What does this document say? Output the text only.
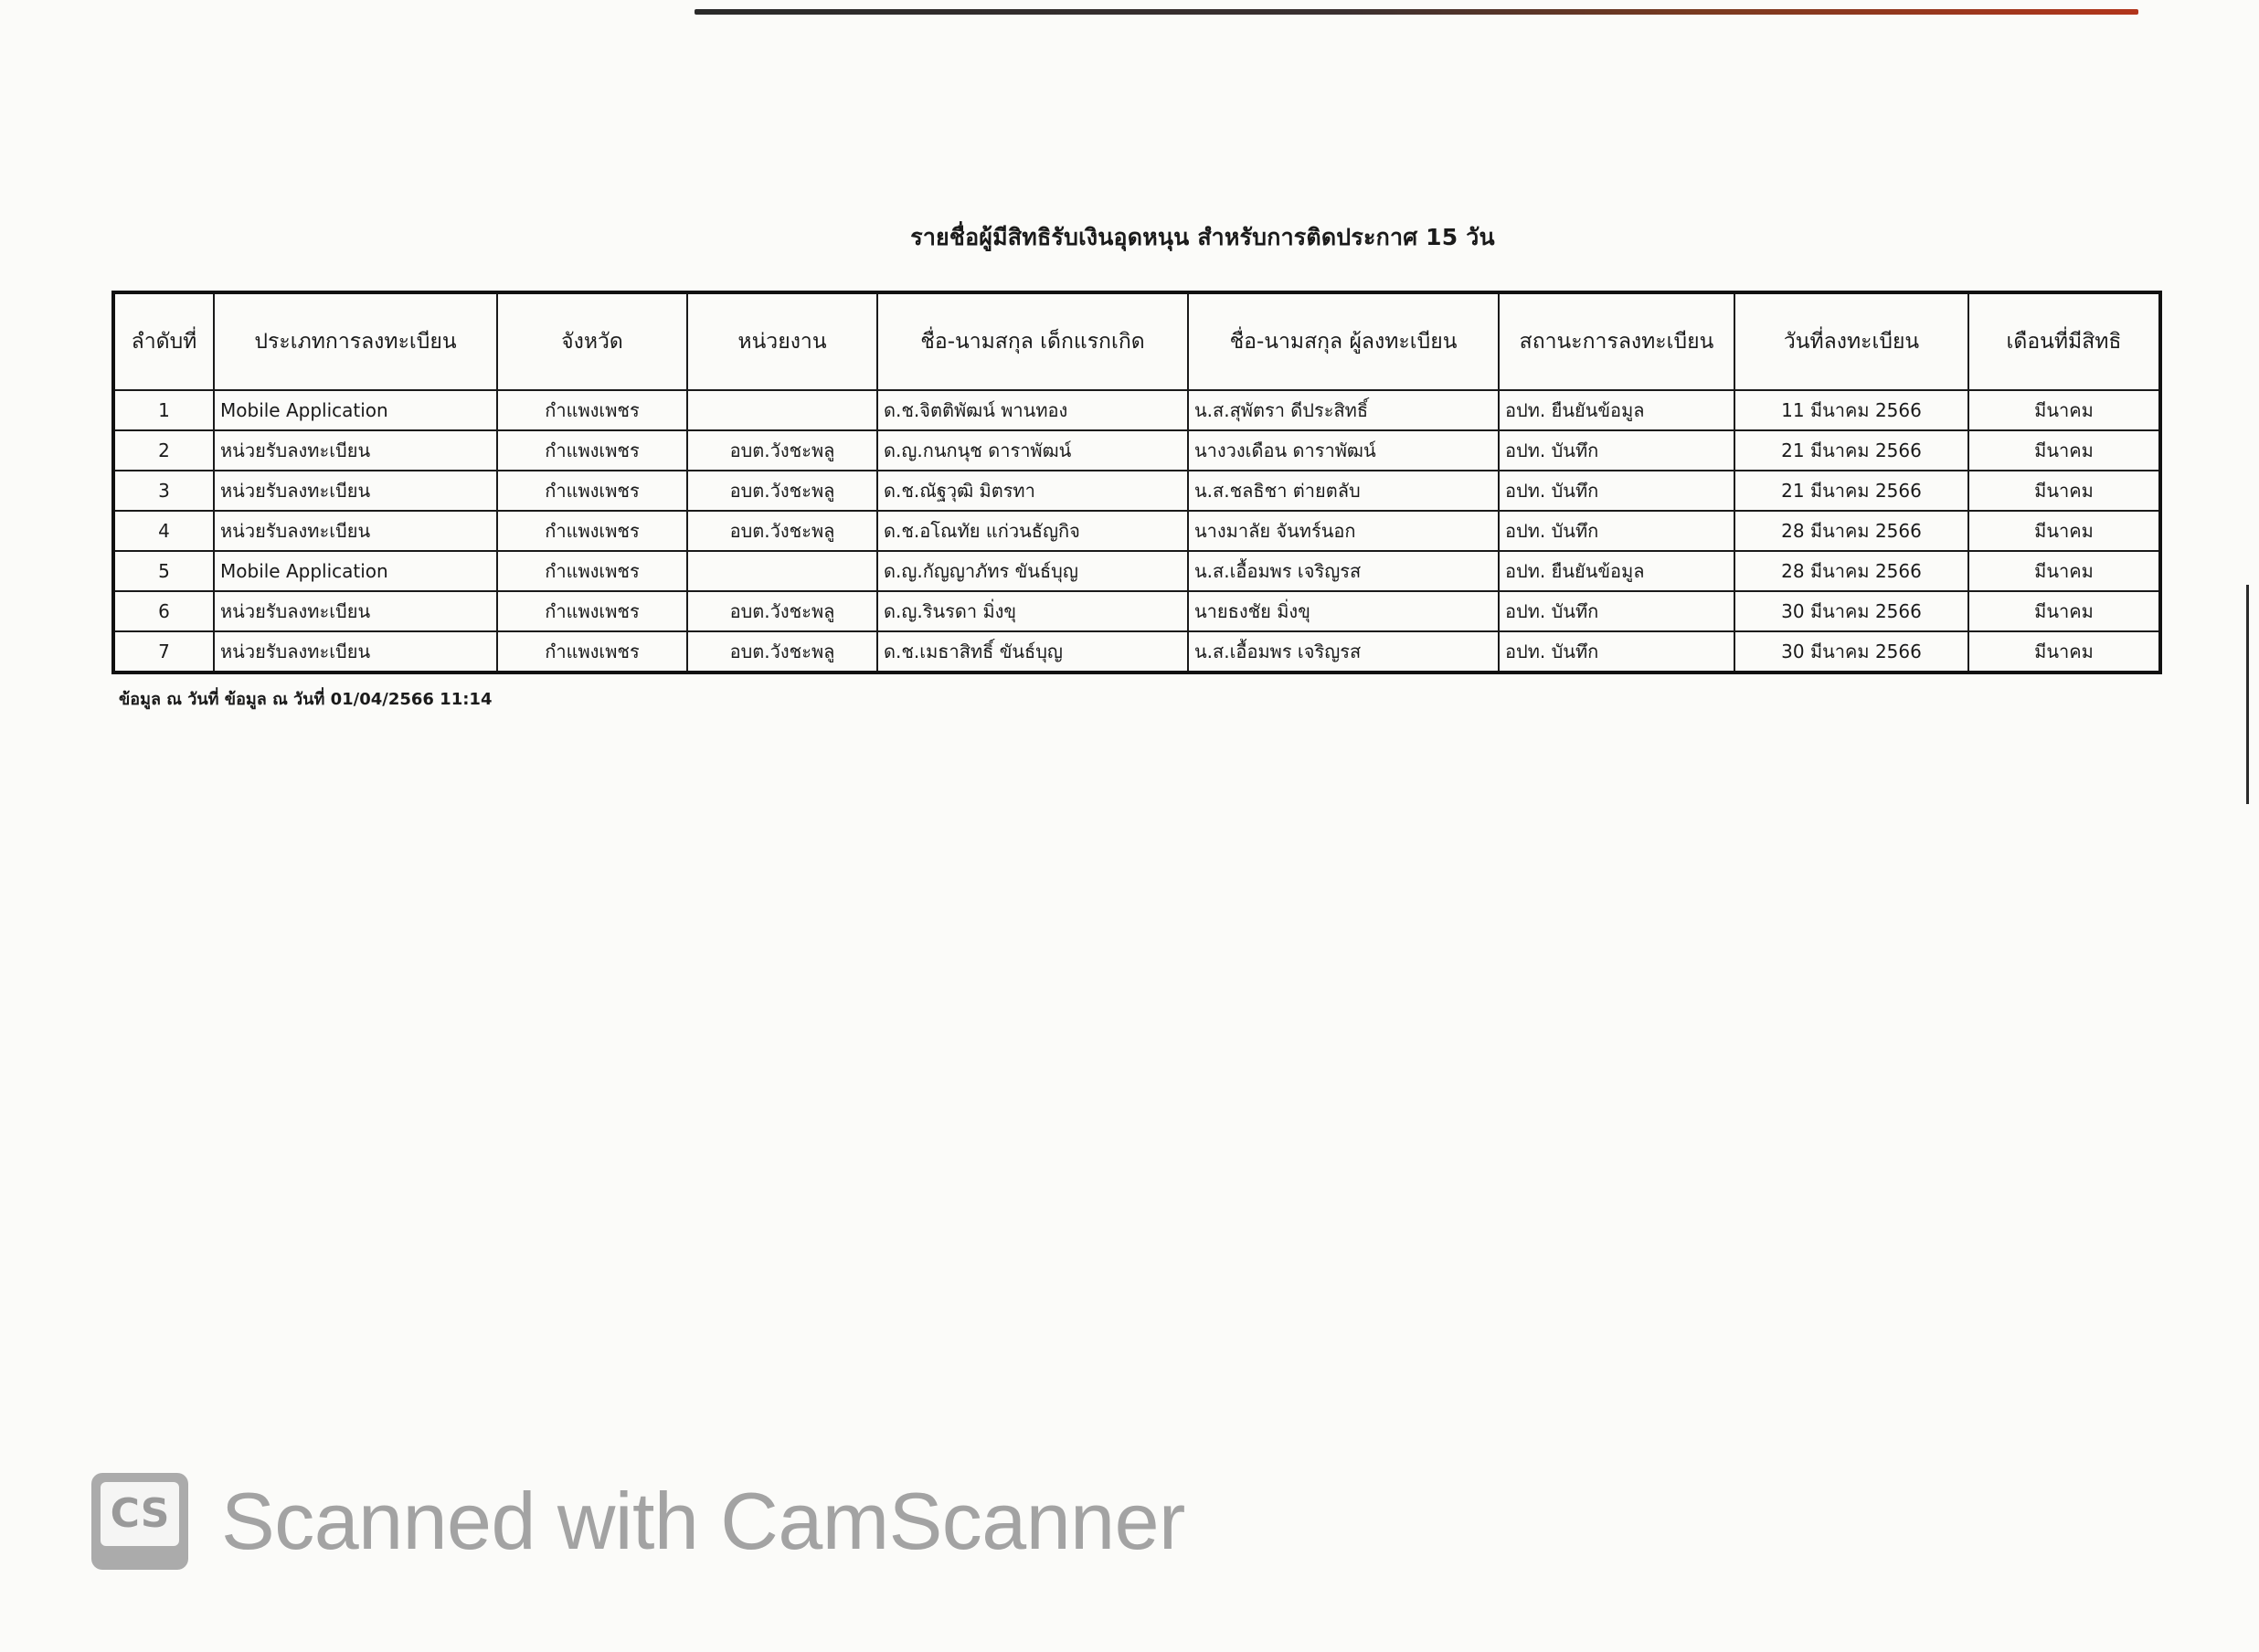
รายชื่อผู้มีสิทธิรับเงินอุดหนุน สำหรับการติดประกาศ 15 วัน
ลำดับที่	ประเภทการลงทะเบียน	จังหวัด	หน่วยงาน	ชื่อ-นามสกุล เด็กแรกเกิด	ชื่อ-นามสกุล ผู้ลงทะเบียน	สถานะการลงทะเบียน	วันที่ลงทะเบียน	เดือนที่มีสิทธิ
1	Mobile Application	กำแพงเพชร		ด.ช.จิตติพัฒน์ พานทอง	น.ส.สุพัตรา ดีประสิทธิ์	อปท. ยืนยันข้อมูล	11 มีนาคม 2566	มีนาคม
2	หน่วยรับลงทะเบียน	กำแพงเพชร	อบต.วังชะพลู	ด.ญ.กนกนุช ดาราพัฒน์	นางวงเดือน ดาราพัฒน์	อปท. บันทึก	21 มีนาคม 2566	มีนาคม
3	หน่วยรับลงทะเบียน	กำแพงเพชร	อบต.วังชะพลู	ด.ช.ณัฐวุฒิ มิตรทา	น.ส.ชลธิชา ต่ายตลับ	อปท. บันทึก	21 มีนาคม 2566	มีนาคม
4	หน่วยรับลงทะเบียน	กำแพงเพชร	อบต.วังชะพลู	ด.ช.อโณทัย แก่วนธัญกิจ	นางมาลัย จันทร์นอก	อปท. บันทึก	28 มีนาคม 2566	มีนาคม
5	Mobile Application	กำแพงเพชร		ด.ญ.กัญญาภัทร ขันธ์บุญ	น.ส.เอื้อมพร เจริญรส	อปท. ยืนยันข้อมูล	28 มีนาคม 2566	มีนาคม
6	หน่วยรับลงทะเบียน	กำแพงเพชร	อบต.วังชะพลู	ด.ญ.รินรดา มิ่งขุ	นายธงชัย มิ่งขุ	อปท. บันทึก	30 มีนาคม 2566	มีนาคม
7	หน่วยรับลงทะเบียน	กำแพงเพชร	อบต.วังชะพลู	ด.ช.เมธาสิทธิ์ ขันธ์บุญ	น.ส.เอื้อมพร เจริญรส	อปท. บันทึก	30 มีนาคม 2566	มีนาคม
ข้อมูล ณ วันที่ ข้อมูล ณ วันที่ 01/04/2566 11:14
CS Scanned with CamScanner
